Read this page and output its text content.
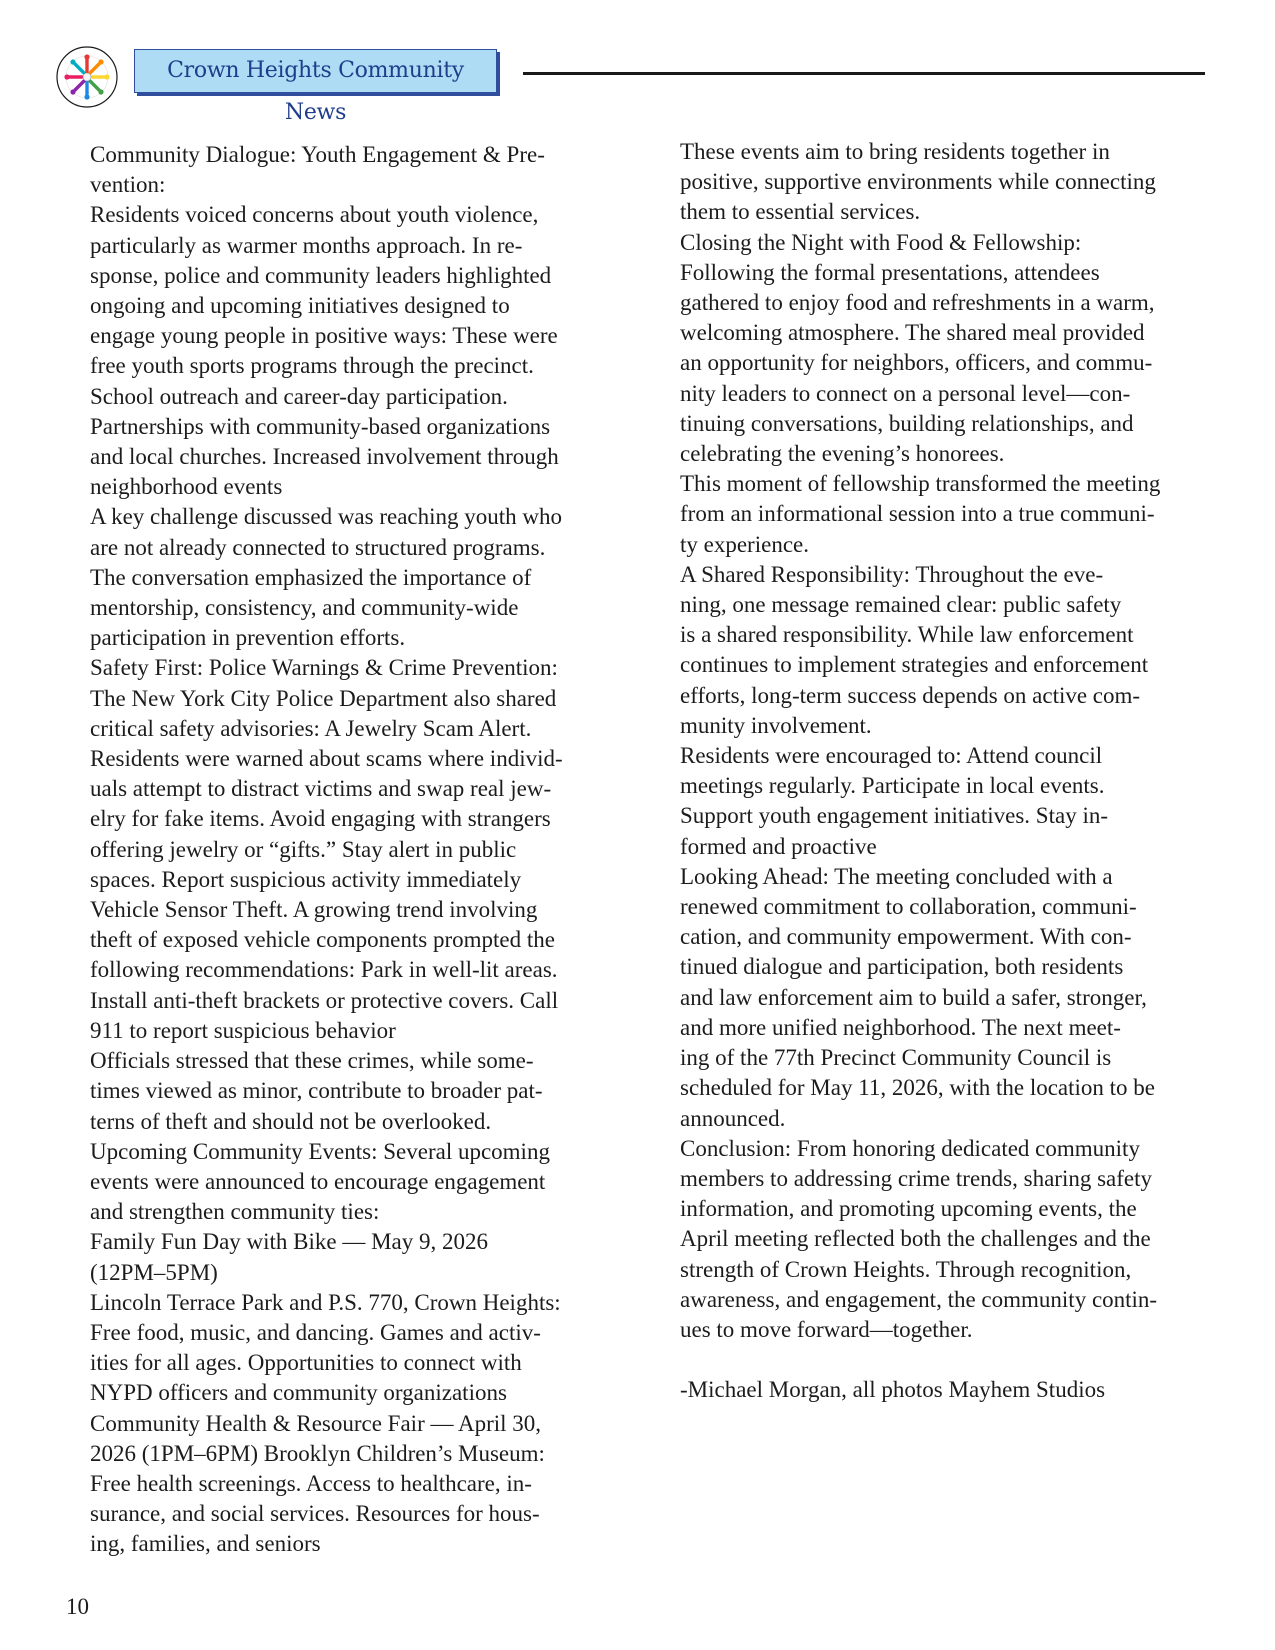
Crown Heights Community News

Community Dialogue: Youth Engagement & Pre-
vention:

Residents voiced concerns about youth violence,
particularly as warmer months approach. In re-
sponse, police and community leaders highlighted
ongoing and upcoming initiatives designed to
engage young people in positive ways: These were
free youth sports programs through the precinct.
School outreach and career-day participation.
Partnerships with community-based organizations
and local churches. Increased involvement through
neighborhood events

A key challenge discussed was reaching youth who
are not already connected to structured programs.
The conversation emphasized the importance of
mentorship, consistency, and community-wide
participation in prevention efforts.

Safety First: Police Warnings & Crime Prevention:
The New York City Police Department also shared
critical safety advisories: A Jewelry Scam Alert.
Residents were warned about scams where individ-
uals attempt to distract victims and swap real jew-
elry for fake items. Avoid engaging with strangers
offering jewelry or “gifts.” Stay alert in public
spaces. Report suspicious activity immediately
Vehicle Sensor Theft. A growing trend involving
theft of exposed vehicle components prompted the
following recommendations: Park in well-lit areas.
Install anti-theft brackets or protective covers. Call
911 to report suspicious behavior

Officials stressed that these crimes, while some-
times viewed as minor, contribute to broader pat-
terns of theft and should not be overlooked.

Upcoming Community Events: Several upcoming
events were announced to encourage engagement
and strengthen community ties:

Family Fun Day with Bike — May 9, 2026
(12PM–5PM)

Lincoln Terrace Park and P.S. 770, Crown Heights:
Free food, music, and dancing. Games and activ-
ities for all ages. Opportunities to connect with
NYPD officers and community organizations

Community Health & Resource Fair — April 30,
2026 (1PM–6PM) Brooklyn Children’s Museum:
Free health screenings. Access to healthcare, in-
surance, and social services. Resources for hous-
ing, families, and seniors

These events aim to bring residents together in
positive, supportive environments while connecting
them to essential services.

Closing the Night with Food & Fellowship:
Following the formal presentations, attendees
gathered to enjoy food and refreshments in a warm,
welcoming atmosphere. The shared meal provided
an opportunity for neighbors, officers, and commu-
nity leaders to connect on a personal level—con-
tinuing conversations, building relationships, and
celebrating the evening’s honorees.

This moment of fellowship transformed the meeting
from an informational session into a true communi-
ty experience.

A Shared Responsibility: Throughout the eve-
ning, one message remained clear: public safety
is a shared responsibility. While law enforcement
continues to implement strategies and enforcement
efforts, long-term success depends on active com-
munity involvement.

Residents were encouraged to: Attend council
meetings regularly. Participate in local events.
Support youth engagement initiatives. Stay in-
formed and proactive

Looking Ahead: The meeting concluded with a
renewed commitment to collaboration, communi-
cation, and community empowerment. With con-
tinued dialogue and participation, both residents
and law enforcement aim to build a safer, stronger,
and more unified neighborhood. The next meet-
ing of the 77th Precinct Community Council is
scheduled for May 11, 2026, with the location to be
announced.

Conclusion: From honoring dedicated community
members to addressing crime trends, sharing safety
information, and promoting upcoming events, the
April meeting reflected both the challenges and the
strength of Crown Heights. Through recognition,
awareness, and engagement, the community contin-
ues to move forward—together.

-Michael Morgan, all photos Mayhem Studios

10
